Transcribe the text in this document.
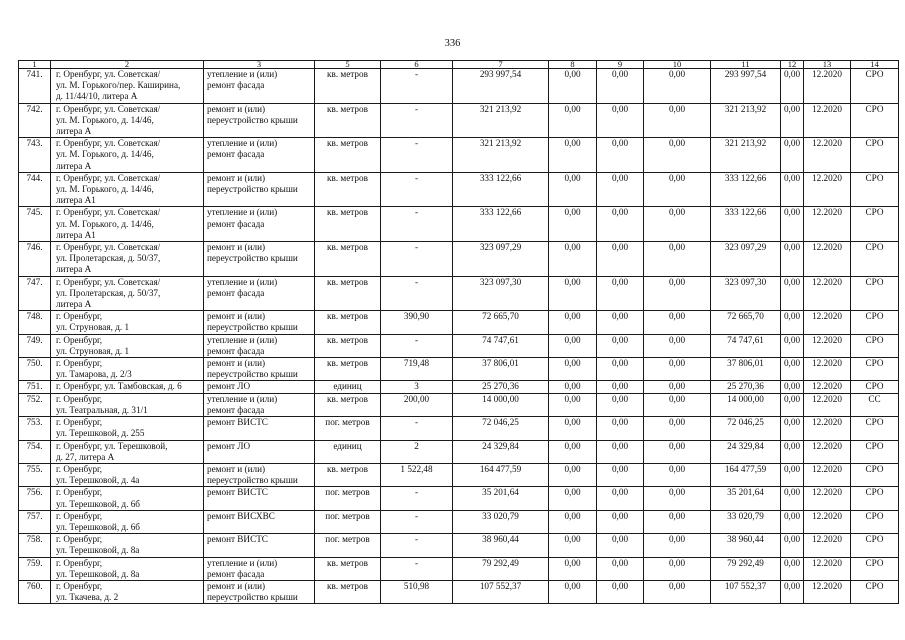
336
1	2	3	5	6	7	8	9	10	11	12	13	14
741.	г. Оренбург, ул. Советская/
ул. М. Горького/пер. Каширина,
д. 11/44/10, литера А	утепление и (или)
ремонт фасада	кв. метров	-	293 997,54	0,00	0,00	0,00	293 997,54	0,00	12.2020	СРО
742.	г. Оренбург, ул. Советская/
ул. М. Горького, д. 14/46,
литера А	ремонт и (или)
переустройство крыши	кв. метров	-	321 213,92	0,00	0,00	0,00	321 213,92	0,00	12.2020	СРО
743.	г. Оренбург, ул. Советская/
ул. М. Горького, д. 14/46,
литера А	утепление и (или)
ремонт фасада	кв. метров	-	321 213,92	0,00	0,00	0,00	321 213,92	0,00	12.2020	СРО
744.	г. Оренбург, ул. Советская/
ул. М. Горького, д. 14/46,
литера А1	ремонт и (или)
переустройство крыши	кв. метров	-	333 122,66	0,00	0,00	0,00	333 122,66	0,00	12.2020	СРО
745.	г. Оренбург, ул. Советская/
ул. М. Горького, д. 14/46,
литера А1	утепление и (или)
ремонт фасада	кв. метров	-	333 122,66	0,00	0,00	0,00	333 122,66	0,00	12.2020	СРО
746.	г. Оренбург, ул. Советская/
ул. Пролетарская, д. 50/37,
литера А	ремонт и (или)
переустройство крыши	кв. метров	-	323 097,29	0,00	0,00	0,00	323 097,29	0,00	12.2020	СРО
747.	г. Оренбург, ул. Советская/
ул. Пролетарская, д. 50/37,
литера А	утепление и (или)
ремонт фасада	кв. метров	-	323 097,30	0,00	0,00	0,00	323 097,30	0,00	12.2020	СРО
748.	г. Оренбург,
ул. Струновая, д. 1	ремонт и (или)
переустройство крыши	кв. метров	390,90	72 665,70	0,00	0,00	0,00	72 665,70	0,00	12.2020	СРО
749.	г. Оренбург,
ул. Струновая, д. 1	утепление и (или)
ремонт фасада	кв. метров	-	74 747,61	0,00	0,00	0,00	74 747,61	0,00	12.2020	СРО
750.	г. Оренбург,
ул. Тамарова, д. 2/3	ремонт и (или)
переустройство крыши	кв. метров	719,48	37 806,01	0,00	0,00	0,00	37 806,01	0,00	12.2020	СРО
751.	г. Оренбург, ул. Тамбовская, д. 6	ремонт ЛО	единиц	3	25 270,36	0,00	0,00	0,00	25 270,36	0,00	12.2020	СРО
752.	г. Оренбург,
ул. Театральная, д. 31/1	утепление и (или)
ремонт фасада	кв. метров	200,00	14 000,00	0,00	0,00	0,00	14 000,00	0,00	12.2020	СС
753.	г. Оренбург,
ул. Терешковой, д. 255	ремонт ВИСТС	пог. метров	-	72 046,25	0,00	0,00	0,00	72 046,25	0,00	12.2020	СРО
754.	г. Оренбург, ул. Терешковой,
д. 27, литера А	ремонт ЛО	единиц	2	24 329,84	0,00	0,00	0,00	24 329,84	0,00	12.2020	СРО
755.	г. Оренбург,
ул. Терешковой, д. 4а	ремонт и (или)
переустройство крыши	кв. метров	1 522,48	164 477,59	0,00	0,00	0,00	164 477,59	0,00	12.2020	СРО
756.	г. Оренбург,
ул. Терешковой, д. 6б	ремонт ВИСТС	пог. метров	-	35 201,64	0,00	0,00	0,00	35 201,64	0,00	12.2020	СРО
757.	г. Оренбург,
ул. Терешковой, д. 6б	ремонт ВИСХВС	пог. метров	-	33 020,79	0,00	0,00	0,00	33 020,79	0,00	12.2020	СРО
758.	г. Оренбург,
ул. Терешковой, д. 8а	ремонт ВИСТС	пог. метров	-	38 960,44	0,00	0,00	0,00	38 960,44	0,00	12.2020	СРО
759.	г. Оренбург,
ул. Терешковой, д. 8а	утепление и (или)
ремонт фасада	кв. метров	-	79 292,49	0,00	0,00	0,00	79 292,49	0,00	12.2020	СРО
760.	г. Оренбург,
ул. Ткачева, д. 2	ремонт и (или)
переустройство крыши	кв. метров	510,98	107 552,37	0,00	0,00	0,00	107 552,37	0,00	12.2020	СРО
